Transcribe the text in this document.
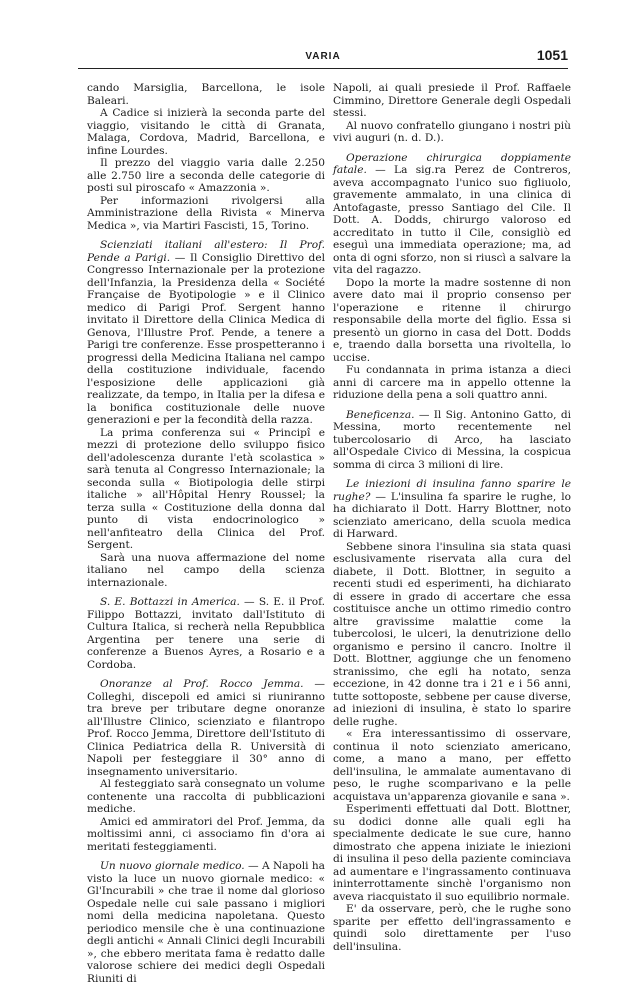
VARIA	1051

cando Marsiglia, Barcellona, le isole Baleari.

A Cadice si inizierà la seconda parte del viaggio, visitando le città di Granata, Malaga, Cordova, Madrid, Barcellona, e infine Lourdes.

Il prezzo del viaggio varia dalle 2.250 alle 2.750 lire a seconda delle categorie di posti sul piroscafo « Amazzonia ».

Per informazioni rivolgersi alla Amministrazione della Rivista « Minerva Medica », via Martiri Fascisti, 15, Torino.

Scienziati italiani all'estero: Il Prof. Pende a Parigi. — Il Consiglio Direttivo del Congresso Internazionale per la protezione dell'Infanzia, la Presidenza della « Société Française de Byotipologie » e il Clinico medico di Parigi Prof. Sergent hanno invitato il Direttore della Clinica Medica di Genova, l'Illustre Prof. Pende, a tenere a Parigi tre conferenze. Esse prospetteranno i progressi della Medicina Italiana nel campo della costituzione individuale, facendo l'esposizione delle applicazioni già realizzate, da tempo, in Italia per la difesa e la bonifica costituzionale delle nuove generazioni e per la fecondità della razza.

La prima conferenza sui « Principî e mezzi di protezione dello sviluppo fisico dell'adolescenza durante l'età scolastica » sarà tenuta al Congresso Internazionale; la seconda sulla « Biotipologia delle stirpi italiche » all'Hôpital Henry Roussel; la terza sulla « Costituzione della donna dal punto di vista endocrinologico » nell'anfiteatro della Clinica del Prof. Sergent.

Sarà una nuova affermazione del nome italiano nel campo della scienza internazionale.

S. E. Bottazzi in America. — S. E. il Prof. Filippo Bottazzi, invitato dall'Istituto di Cultura Italica, si recherà nella Repubblica Argentina per tenere una serie di conferenze a Buenos Ayres, a Rosario e a Cordoba.

Onoranze al Prof. Rocco Jemma. — Colleghi, discepoli ed amici si riuniranno tra breve per tributare degne onoranze all'Illustre Clinico, scienziato e filantropo Prof. Rocco Jemma, Direttore dell'Istituto di Clinica Pediatrica della R. Università di Napoli per festeggiare il 30° anno di insegnamento universitario.

Al festeggiato sarà consegnato un volume contenente una raccolta di pubblicazioni mediche.

Amici ed ammiratori del Prof. Jemma, da moltissimi anni, ci associamo fin d'ora ai meritati festeggiamenti.

Un nuovo giornale medico. — A Napoli ha visto la luce un nuovo giornale medico: « Gl'Incurabili » che trae il nome dal glorioso Ospedale nelle cui sale passano i migliori nomi della medicina napoletana. Questo periodico mensile che è una continuazione degli antichi « Annali Clinici degli Incurabili », che ebbero meritata fama è redatto dalle valorose schiere dei medici degli Ospedali Riuniti di

Napoli, ai quali presiede il Prof. Raffaele Cimmino, Direttore Generale degli Ospedali stessi.

Al nuovo confratello giungano i nostri più vivi auguri (n. d. D.).

Operazione chirurgica doppiamente fatale. — La sig.ra Perez de Contreros, aveva accompagnato l'unico suo figliuolo, gravemente ammalato, in una clinica di Antofagaste, presso Santiago del Cile. Il Dott. A. Dodds, chirurgo valoroso ed accreditato in tutto il Cile, consigliò ed eseguì una immediata operazione; ma, ad onta di ogni sforzo, non si riuscì a salvare la vita del ragazzo.

Dopo la morte la madre sostenne di non avere dato mai il proprio consenso per l'operazione e ritenne il chirurgo responsabile della morte del figlio. Essa si presentò un giorno in casa del Dott. Dodds e, traendo dalla borsetta una rivoltella, lo uccise.

Fu condannata in prima istanza a dieci anni di carcere ma in appello ottenne la riduzione della pena a soli quattro anni.

Beneficenza. — Il Sig. Antonino Gatto, di Messina, morto recentemente nel tubercolosario di Arco, ha lasciato all'Ospedale Civico di Messina, la cospicua somma di circa 3 milioni di lire.

Le iniezioni di insulina fanno sparire le rughe? — L'insulina fa sparire le rughe, lo ha dichiarato il Dott. Harry Blottner, noto scienziato americano, della scuola medica di Harward.

Sebbene sinora l'insulina sia stata quasi esclusivamente riservata alla cura del diabete, il Dott. Blottner, in seguito a recenti studi ed esperimenti, ha dichiarato di essere in grado di accertare che essa costituisce anche un ottimo rimedio contro altre gravissime malattie come la tubercolosi, le ulceri, la denutrizione dello organismo e persino il cancro. Inoltre il Dott. Blottner, aggiunge che un fenomeno stranissimo, che egli ha notato, senza eccezione, in 42 donne tra i 21 e i 56 anni, tutte sottoposte, sebbene per cause diverse, ad iniezioni di insulina, è stato lo sparire delle rughe.

« Era interessantissimo di osservare, continua il noto scienziato americano, come, a mano a mano, per effetto dell'insulina, le ammalate aumentavano di peso, le rughe scomparivano e la pelle acquistava un'apparenza giovanile e sana ».

Esperimenti effettuati dal Dott. Blottner, su dodici donne alle quali egli ha specialmente dedicate le sue cure, hanno dimostrato che appena iniziate le iniezioni di insulina il peso della paziente cominciava ad aumentare e l'ingrassamento continuava ininterrottamente sinchè l'organismo non aveva riacquistato il suo equilibrio normale.

E' da osservare, però, che le rughe sono sparite per effetto dell'ingrassamento e quindi solo direttamente per l'uso dell'insulina.
